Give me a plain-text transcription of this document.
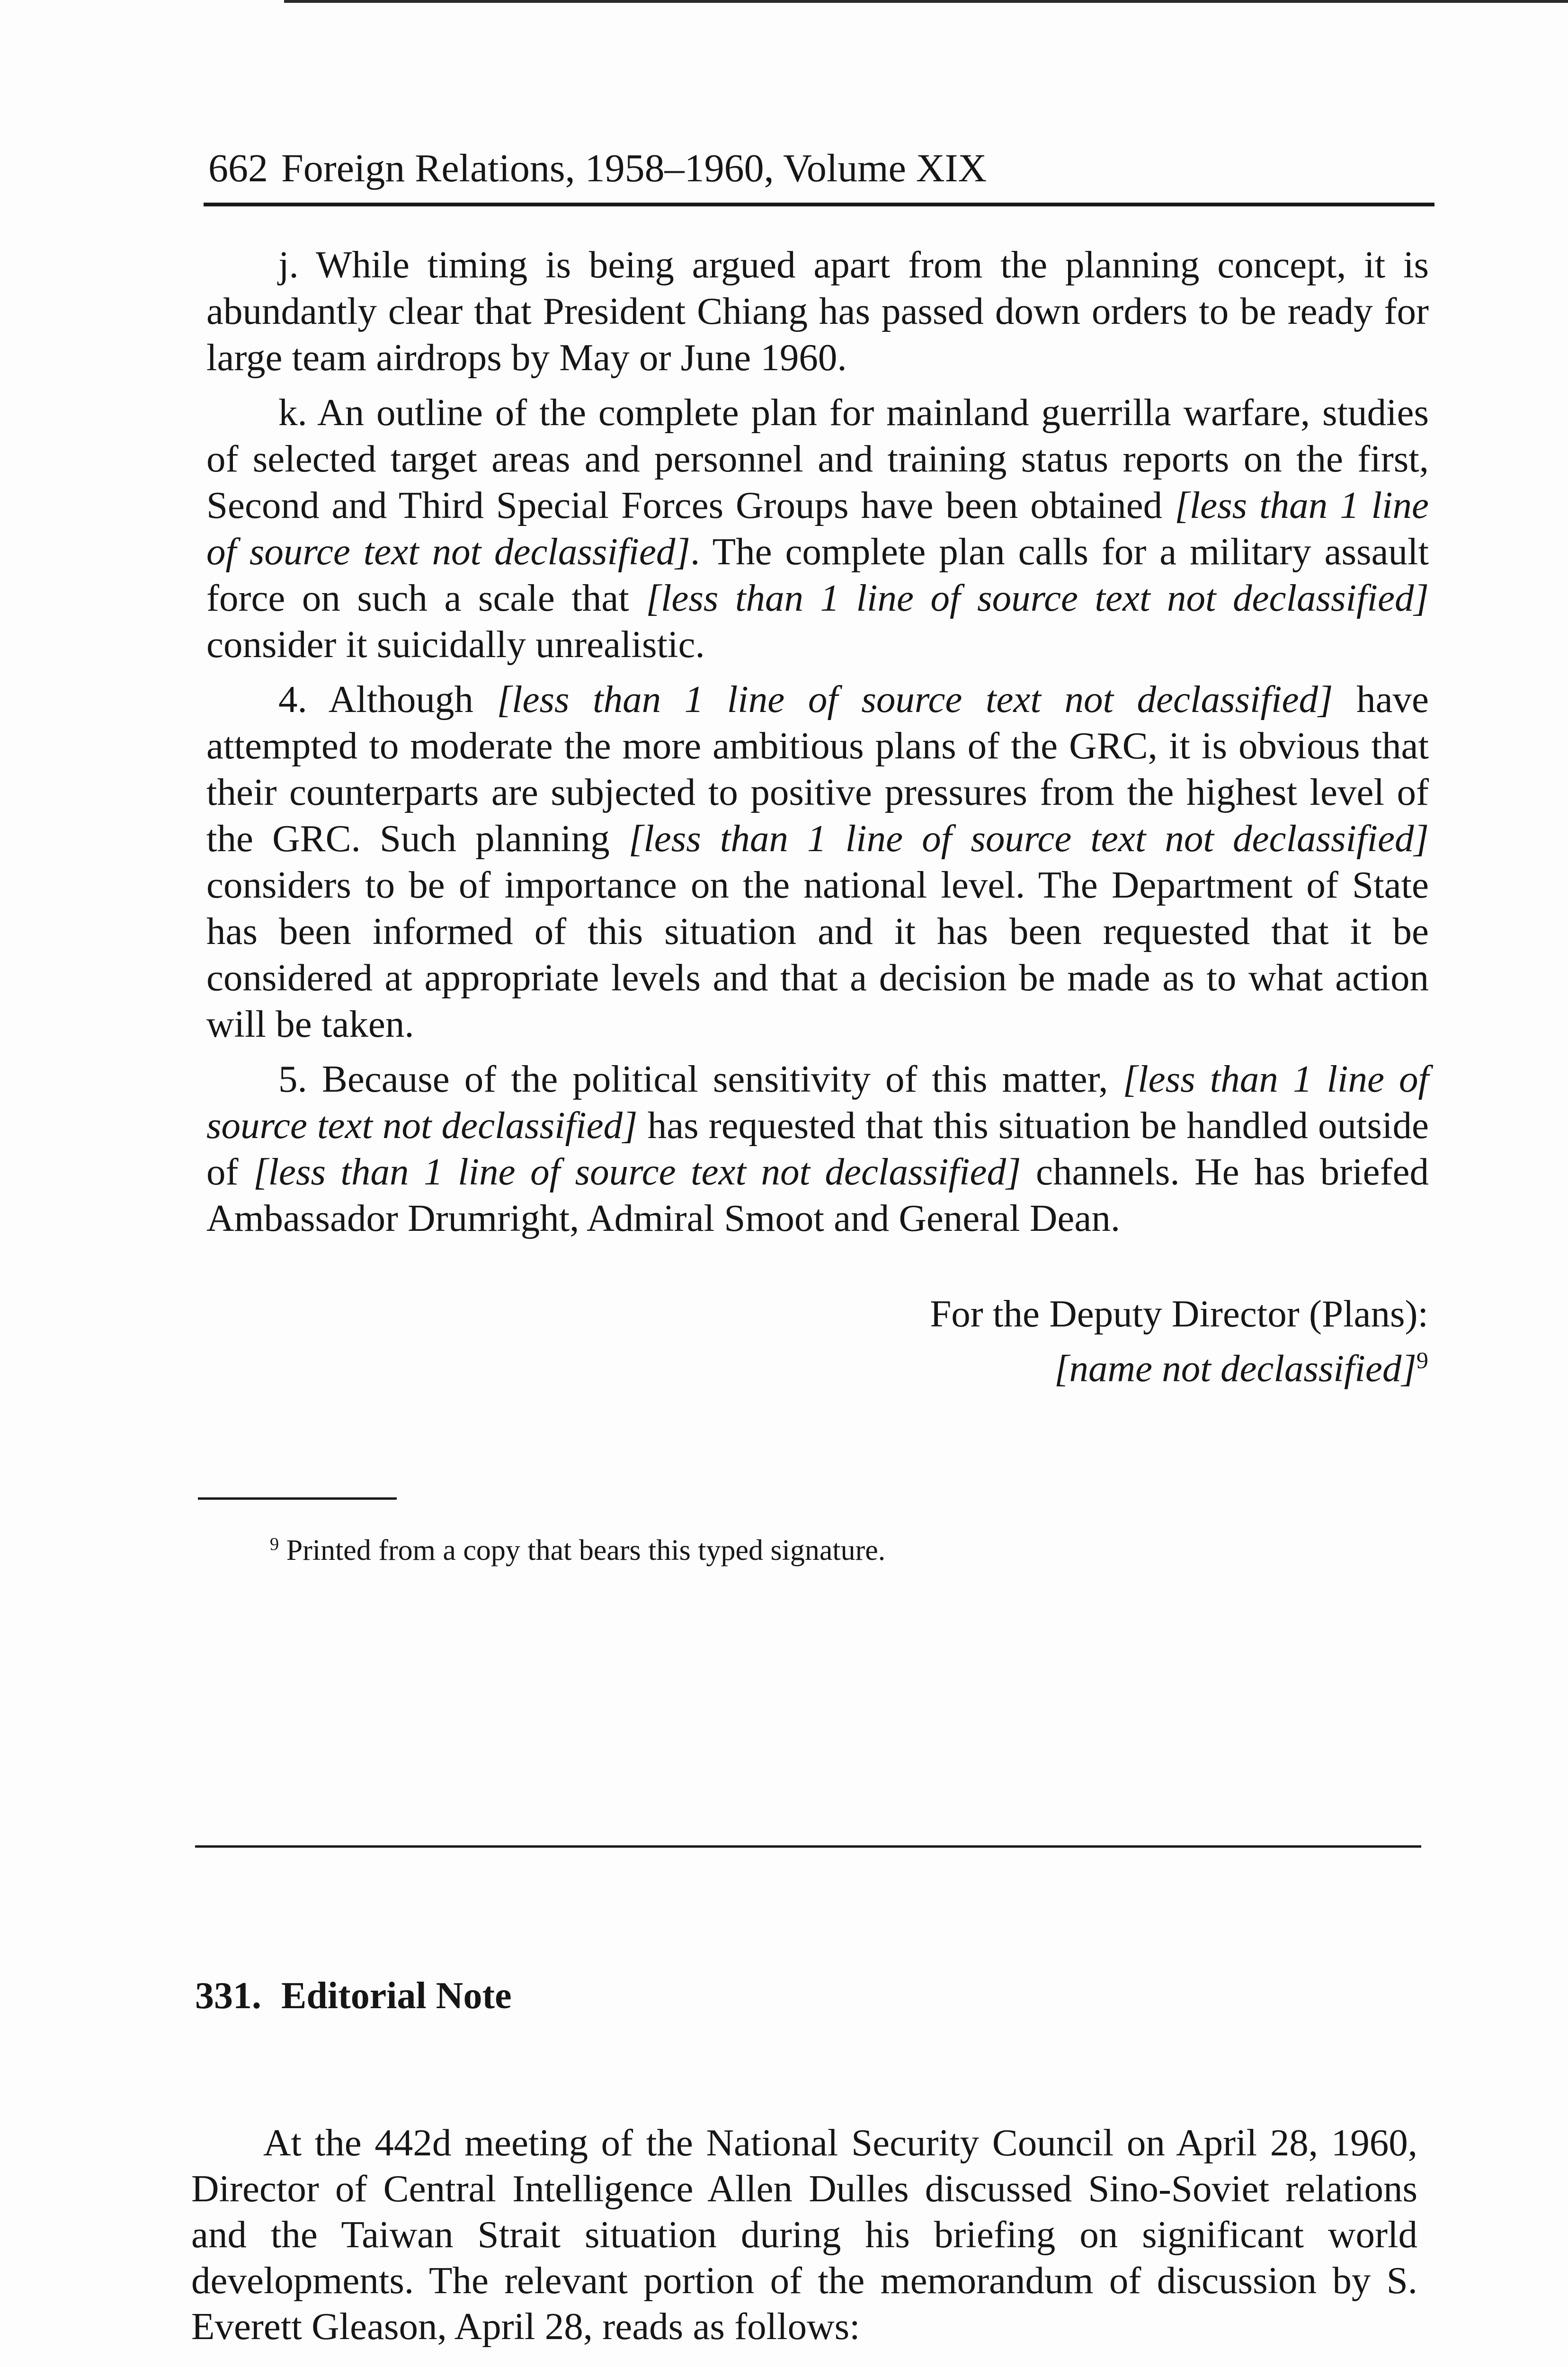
662 Foreign Relations, 1958–1960, Volume XIX

j. While timing is being argued apart from the planning concept, it is abundantly clear that President Chiang has passed down orders to be ready for large team airdrops by May or June 1960.

k. An outline of the complete plan for mainland guerrilla warfare, studies of selected target areas and personnel and training status reports on the first, Second and Third Special Forces Groups have been obtained [less than 1 line of source text not declassified]. The complete plan calls for a military assault force on such a scale that [less than 1 line of source text not declassified] consider it suicidally unrealistic.

4. Although [less than 1 line of source text not declassified] have attempted to moderate the more ambitious plans of the GRC, it is obvious that their counterparts are subjected to positive pressures from the highest level of the GRC. Such planning [less than 1 line of source text not declassified] considers to be of importance on the national level. The Department of State has been informed of this situation and it has been requested that it be considered at appropriate levels and that a decision be made as to what action will be taken.

5. Because of the political sensitivity of this matter, [less than 1 line of source text not declassified] has requested that this situation be handled outside of [less than 1 line of source text not declassified] channels. He has briefed Ambassador Drumright, Admiral Smoot and General Dean.

For the Deputy Director (Plans):
[name not declassified]$^9$
$^9$ Printed from a copy that bears this typed signature.
331. Editorial Note

At the 442d meeting of the National Security Council on April 28, 1960, Director of Central Intelligence Allen Dulles discussed Sino-Soviet relations and the Taiwan Strait situation during his briefing on significant world developments. The relevant portion of the memorandum of discussion by S. Everett Gleason, April 28, reads as follows:
